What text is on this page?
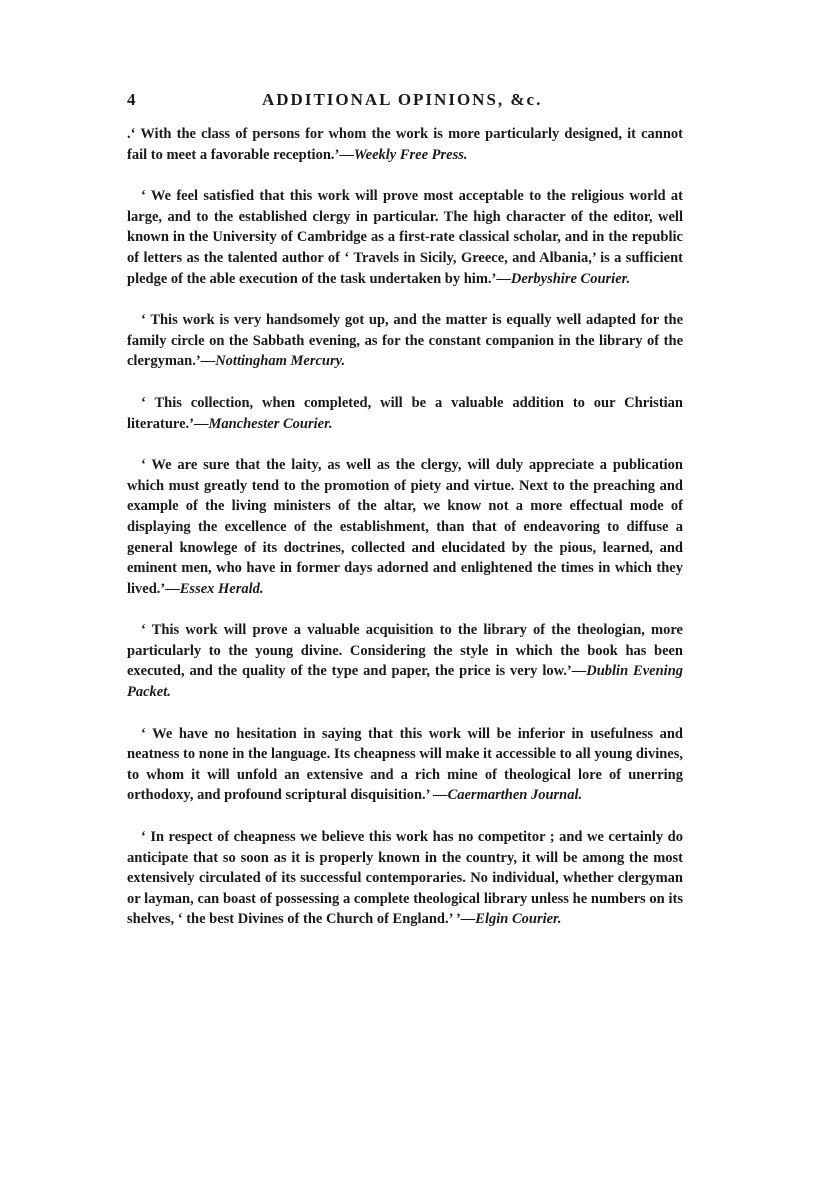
4	ADDITIONAL OPINIONS, &c.

.‘ With the class of persons for whom the work is more particularly designed, it cannot fail to meet a favorable reception.’—Weekly Free Press.

‘ We feel satisfied that this work will prove most acceptable to the religious world at large, and to the established clergy in particular. The high character of the editor, well known in the University of Cambridge as a first-rate classical scholar, and in the republic of letters as the talented author of ‘ Travels in Sicily, Greece, and Albania,’ is a sufficient pledge of the able execution of the task undertaken by him.’—Derbyshire Courier.

‘ This work is very handsomely got up, and the matter is equally well adapted for the family circle on the Sabbath evening, as for the constant companion in the library of the clergyman.’—Nottingham Mercury.

‘ This collection, when completed, will be a valuable addition to our Christian literature.’—Manchester Courier.

‘ We are sure that the laity, as well as the clergy, will duly appreciate a publication which must greatly tend to the promotion of piety and virtue. Next to the preaching and example of the living ministers of the altar, we know not a more effectual mode of displaying the excellence of the establishment, than that of endeavoring to diffuse a general knowlege of its doctrines, collected and elucidated by the pious, learned, and eminent men, who have in former days adorned and enlightened the times in which they lived.’—Essex Herald.

‘ This work will prove a valuable acquisition to the library of the theologian, more particularly to the young divine. Considering the style in which the book has been executed, and the quality of the type and paper, the price is very low.’—Dublin Evening Packet.

‘ We have no hesitation in saying that this work will be inferior in usefulness and neatness to none in the language. Its cheapness will make it accessible to all young divines, to whom it will unfold an extensive and a rich mine of theological lore of unerring orthodoxy, and profound scriptural disquisition.’ —Caermarthen Journal.

‘ In respect of cheapness we believe this work has no competitor ; and we certainly do anticipate that so soon as it is properly known in the country, it will be among the most extensively circulated of its successful contemporaries. No individual, whether clergyman or layman, can boast of possessing a complete theological library unless he numbers on its shelves, ‘ the best Divines of the Church of England.’ ’—Elgin Courier.
